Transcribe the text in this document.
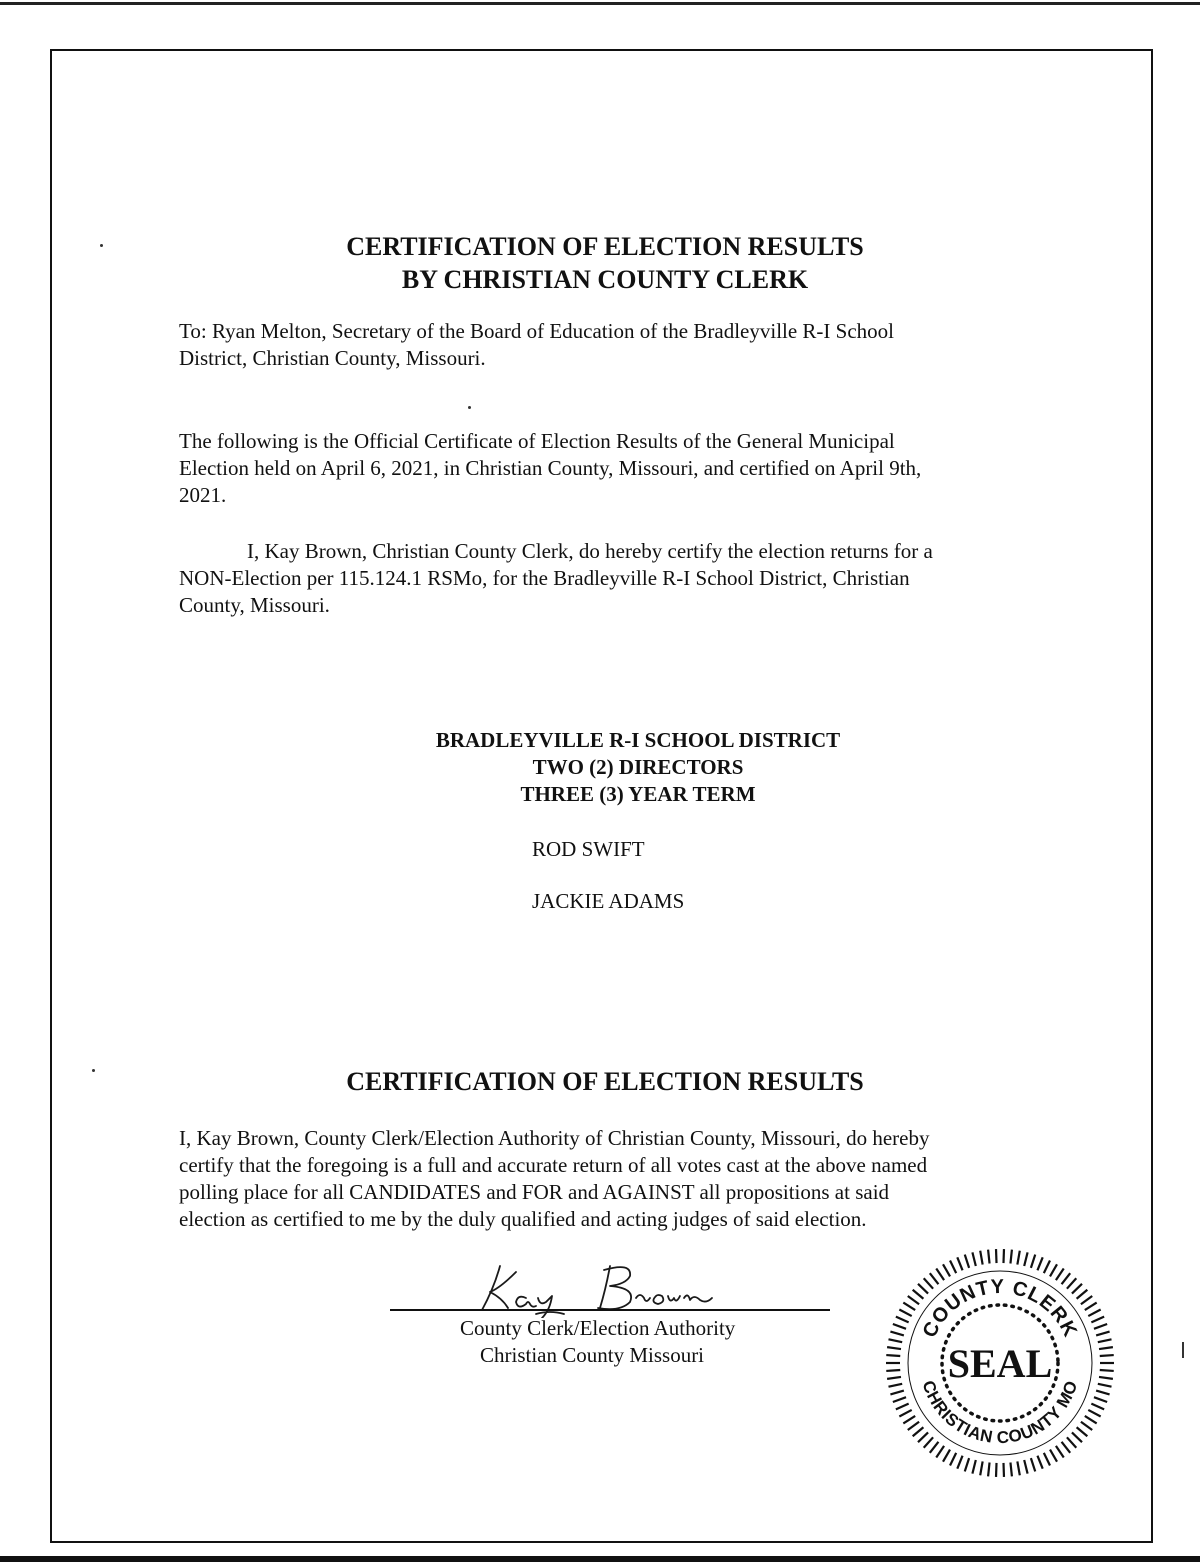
CERTIFICATION OF ELECTION RESULTS
BY CHRISTIAN COUNTY CLERK
To: Ryan Melton, Secretary of the Board of Education of the Bradleyville R-I School
District, Christian County, Missouri.
The following is the Official Certificate of Election Results of the General Municipal
Election held on April 6, 2021, in Christian County, Missouri, and certified on April 9th,
2021.
I, Kay Brown, Christian County Clerk, do hereby certify the election returns for a
NON-Election per 115.124.1 RSMo, for the Bradleyville R-I School District, Christian
County, Missouri.
BRADLEYVILLE R-I SCHOOL DISTRICT
TWO (2) DIRECTORS
THREE (3) YEAR TERM
ROD SWIFT
JACKIE ADAMS
CERTIFICATION OF ELECTION RESULTS
I, Kay Brown, County Clerk/Election Authority of Christian County, Missouri, do hereby
certify that the foregoing is a full and accurate return of all votes cast at the above named
polling place for all CANDIDATES and FOR and AGAINST all propositions at said
election as certified to me by the duly qualified and acting judges of said election.
County Clerk/Election Authority
Christian County Missouri
COUNTY CLERK
CHRISTIAN COUNTY MO
SEAL
